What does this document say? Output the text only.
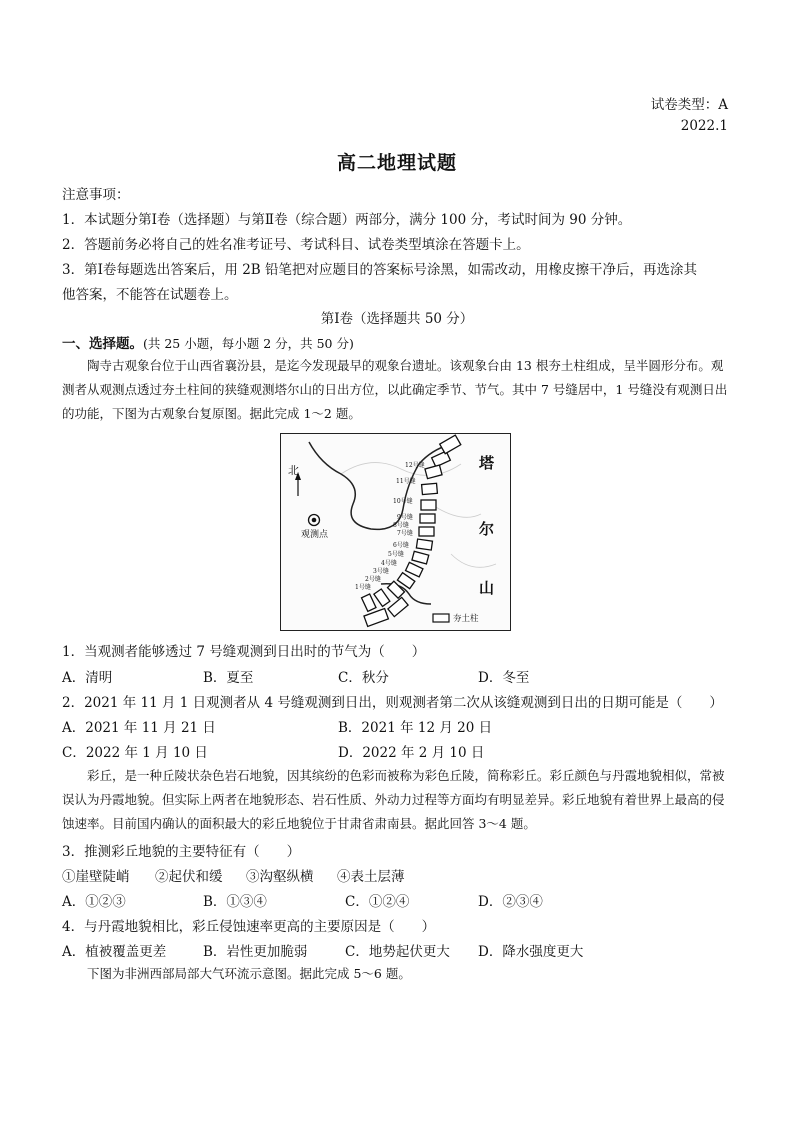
试卷类型：A
2022.1
高二地理试题
注意事项：
1．本试题分第Ⅰ卷（选择题）与第Ⅱ卷（综合题）两部分，满分 100 分，考试时间为 90 分钟。
2．答题前务必将自己的姓名准考证号、考试科目、试卷类型填涂在答题卡上。
3．第Ⅰ卷每题选出答案后，用 2B 铅笔把对应题目的答案标号涂黑，如需改动，用橡皮擦干净后，再选涂其
他答案，不能答在试题卷上。
第Ⅰ卷（选择题共 50 分）
一、选择题。(共 25 小题，每小题 2 分，共 50 分)
陶寺古观象台位于山西省襄汾县，是迄今发现最早的观象台遗址。该观象台由 13 根夯土柱组成，呈半圆形分布。观测者从观测点透过夯土柱间的狭缝观测塔尔山的日出方位，以此确定季节、节气。其中 7 号缝居中，1 号缝没有观测日出的功能，下图为古观象台复原图。据此完成 1～2 题。
北
观测点
塔
尔
山
夯土柱
12号缝
11号缝
10号缝
9号缝
8号缝
7号缝
6号缝
5号缝
4号缝
3号缝
2号缝
1号缝
1．当观测者能够透过 7 号缝观测到日出时的节气为（　　）
A．清明	B．夏至	C．秋分	D．冬至
2．2021 年 11 月 1 日观测者从 4 号缝观测到日出，则观测者第二次从该缝观测到日出的日期可能是（　　）
A．2021 年 11 月 21 日	B．2021 年 12 月 20 日
C．2022 年 1 月 10 日	D．2022 年 2 月 10 日
彩丘，是一种丘陵状杂色岩石地貌，因其缤纷的色彩而被称为彩色丘陵，简称彩丘。彩丘颜色与丹霞地貌相似，常被误认为丹霞地貌。但实际上两者在地貌形态、岩石性质、外动力过程等方面均有明显差异。彩丘地貌有着世界上最高的侵蚀速率。目前国内确认的面积最大的彩丘地貌位于甘肃省肃南县。据此回答 3～4 题。
3．推测彩丘地貌的主要特征有（　　）
①崖壁陡峭 ②起伏和缓 ③沟壑纵横 ④表土层薄
A．①②③	B．①③④	C．①②④	D．②③④
4．与丹霞地貌相比，彩丘侵蚀速率更高的主要原因是（　　）
A．植被覆盖更差	B．岩性更加脆弱	C．地势起伏更大 D．降水强度更大
下图为非洲西部局部大气环流示意图。据此完成 5～6 题。
